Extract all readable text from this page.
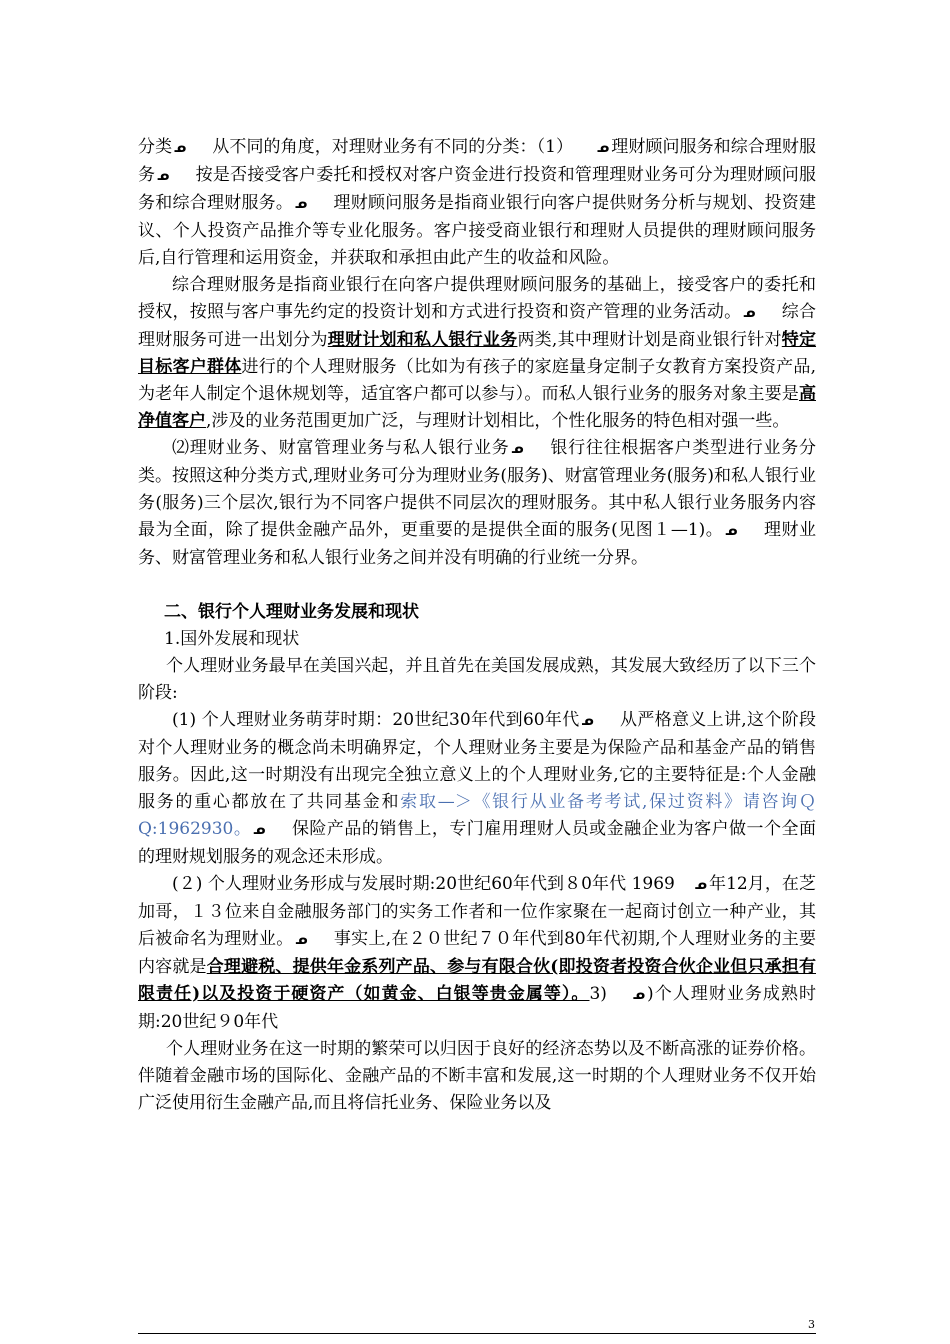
分类 ᓄ 从不同的角度，对理财业务有不同的分类：（1） ᓄ 理财顾问服务和综合理财服务 ᓄ 按是否接受客户委托和授权对客户资金进行投资和管理理财业务可分为理财顾问服务和综合理财服务。 ᓄ 理财顾问服务是指商业银行向客户提供财务分析与规划、投资建议、个人投资产品推介等专业化服务。客户接受商业银行和理财人员提供的理财顾问服务后,自行管理和运用资金，并获取和承担由此产生的收益和风险。

综合理财服务是指商业银行在向客户提供理财顾问服务的基础上，接受客户的委托和授权，按照与客户事先约定的投资计划和方式进行投资和资产管理的业务活动。 ᓄ 综合理财服务可进一出划分为理财计划和私人银行业务两类,其中理财计划是商业银行针对特定目标客户群体进行的个人理财服务（比如为有孩子的家庭量身定制子女教育方案投资产品,为老年人制定个退休规划等，适宜客户都可以参与）。而私人银行业务的服务对象主要是高净值客户,涉及的业务范围更加广泛，与理财计划相比，个性化服务的特色相对强一些。

⑵理财业务、财富管理业务与私人银行业务 ᓄ 银行往往根据客户类型进行业务分类。按照这种分类方式,理财业务可分为理财业务(服务)、财富管理业务(服务)和私人银行业务(服务)三个层次,银行为不同客户提供不同层次的理财服务。其中私人银行业务服务内容最为全面，除了提供金融产品外，更重要的是提供全面的服务(见图１—1)。 ᓄ 理财业务、财富管理业务和私人银行业务之间并没有明确的行业统一分界。

二、银行个人理财业务发展和现状

1.国外发展和现状

个人理财业务最早在美国兴起，并且首先在美国发展成熟，其发展大致经历了以下三个阶段:

(1) 个人理财业务萌芽时期：20世纪30年代到60年代 ᓄ 从严格意义上讲,这个阶段对个人理财业务的概念尚未明确界定，个人理财业务主要是为保险产品和基金产品的销售服务。因此,这一时期没有出现完全独立意义上的个人理财业务,它的主要特征是:个人金融服务的重心都放在了共同基金和索取—＞《银行从业备考考试,保过资料》请咨询ＱQ:1962930。 ᓄ 保险产品的销售上，专门雇用理财人员或金融企业为客户做一个全面的理财规划服务的观念还未形成。

(２) 个人理财业务形成与发展时期:20世纪60年代到８0年代 1969 ᓄ 年12月，在芝加哥，１３位来自金融服务部门的实务工作者和一位作家聚在一起商讨创立一种产业，其后被命名为理财业。 ᓄ 事实上,在２０世纪７０年代到80年代初期,个人理财业务的主要内容就是合理避税、提供年金系列产品、参与有限合伙(即投资者投资合伙企业但只承担有限责任)以及投资于硬资产（如黄金、白银等贵金属等）。3) ᓄ )个人理财业务成熟时期:20世纪９0年代

个人理财业务在这一时期的繁荣可以归因于良好的经济态势以及不断高涨的证券价格。伴随着金融市场的国际化、金融产品的不断丰富和发展,这一时期的个人理财业务不仅开始广泛使用衍生金融产品,而且将信托业务、保险业务以及

3
